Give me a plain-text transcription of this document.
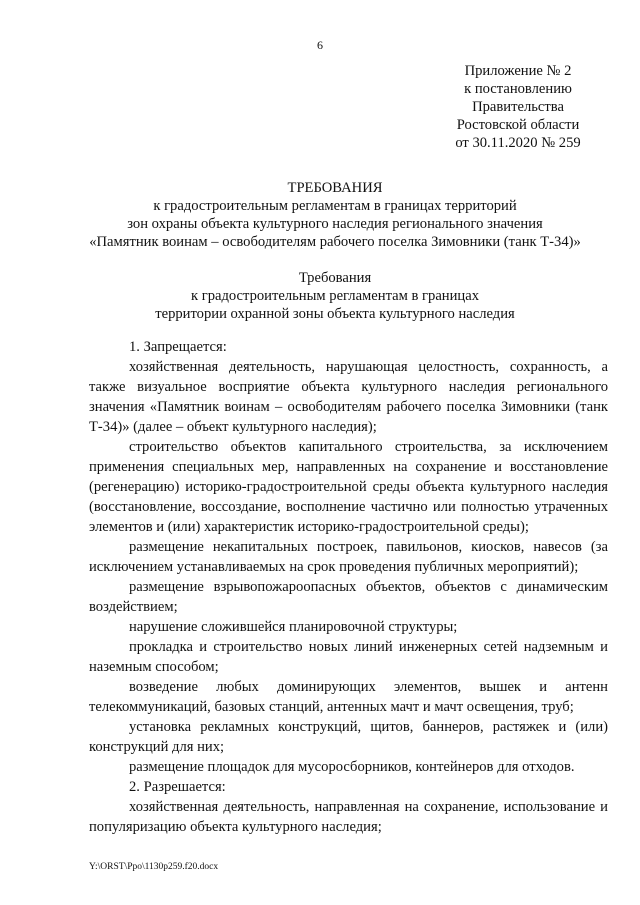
6
Приложение № 2
к постановлению
Правительства
Ростовской области
от 30.11.2020 № 259
ТРЕБОВАНИЯ
к градостроительным регламентам в границах территорий
зон охраны объекта культурного наследия регионального значения
«Памятник воинам – освободителям рабочего поселка Зимовники (танк Т-34)»
Требования
к градостроительным регламентам в границах
территории охранной зоны объекта культурного наследия

1. Запрещается:

хозяйственная деятельность, нарушающая целостность, сохранность, а также визуальное восприятие объекта культурного наследия регионального значения «Памятник воинам – освободителям рабочего поселка Зимовники (танк Т-34)» (далее – объект культурного наследия);

строительство объектов капитального строительства, за исключением применения специальных мер, направленных на сохранение и восстановление (регенерацию) историко-градостроительной среды объекта культурного наследия (восстановление, воссоздание, восполнение частично или полностью утраченных элементов и (или) характеристик историко-градостроительной среды);

размещение некапитальных построек, павильонов, киосков, навесов (за исключением устанавливаемых на срок проведения публичных мероприятий);

размещение взрывопожароопасных объектов, объектов с динамическим воздействием;

нарушение сложившейся планировочной структуры;

прокладка и строительство новых линий инженерных сетей надземным и наземным способом;

возведение любых доминирующих элементов, вышек и антенн телекоммуникаций, базовых станций, антенных мачт и мачт освещения, труб;

установка рекламных конструкций, щитов, баннеров, растяжек и (или) конструкций для них;

размещение площадок для мусоросборников, контейнеров для отходов.

2. Разрешается:

хозяйственная деятельность, направленная на сохранение, использование и популяризацию объекта культурного наследия;

Y:\ORST\Ppo\1130p259.f20.docx
